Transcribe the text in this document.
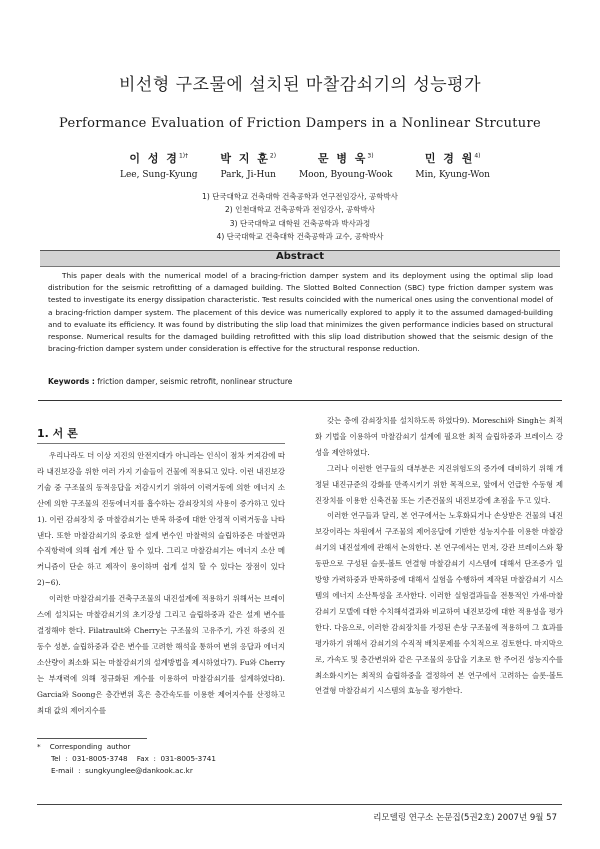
비선형 구조물에 설치된 마찰감쇠기의 성능평가
Performance Evaluation of Friction Dampers in a Nonlinear Strcuture
이 성 경$^{1)\dagger}$
Lee, Sung-Kyung
박 지 훈$^{2)}$
Park, Ji-Hun
문 병 욱$^{3)}$
Moon, Byoung-Wook
민 경 원$^{4)}$
Min, Kyung-Won
1) 단국대학교 건축대학 건축공학과 연구전임강사, 공학박사
2) 인천대학교 건축공학과 전임강사, 공학박사
3) 단국대학교 대학원 건축공학과 박사과정
4) 단국대학교 건축대학 건축공학과 교수, 공학박사
Abstract
This paper deals with the numerical model of a bracing-friction damper system and its deployment using the optimal slip load distribution for the seismic retrofitting of a damaged building. The Slotted Bolted Connection (SBC) type friction damper system was tested to investigate its energy dissipation characteristic. Test results coincided with the numerical ones using the conventional model of a bracing-friction damper system. The placement of this device was numerically explored to apply it to the assumed damaged-building and to evaluate its efficiency. It was found by distributing the slip load that minimizes the given performance indicies based on structural response. Numerical results for the damaged building retrofitted with this slip load distribution showed that the seismic design of the bracing-friction damper system under consideration is effective for the structural response reduction.
Keywords : friction damper, seismic retrofit, nonlinear structure
1. 서 론

우리나라도 더 이상 지진의 안전지대가 아니라는 인식이 점차 커져감에 따라 내진보강을 위한 여러 가지 기술들이 건물에 적용되고 있다. 이런 내진보강 기술 중 구조물의 동적응답을 저감시키기 위하여 이력거동에 의한 에너지 소산에 의한 구조물의 진동에너지를 흡수하는 감쇠장치의 사용이 증가하고 있다1). 이런 감쇠장치 중 마찰감쇠기는 반복 하중에 대한 안정적 이력거동을 나타낸다. 또한 마찰감쇠기의 중요한 설계 변수인 마찰력의 슬립하중은 마찰면과 수직항력에 의해 쉽게 계산 할 수 있다. 그리고 마찰감쇠기는 에너지 소산 메커니즘이 단순 하고 제작이 용이하며 쉽게 설치 할 수 있다는 장점이 있다2)~6).

이러한 마찰감쇠기를 건축구조물의 내진설계에 적용하기 위해서는 브레이스에 설치되는 마찰감쇠기의 초기강성 그리고 슬립하중과 같은 설계 변수를 결정해야 한다. Filatrault와 Cherry는 구조물의 고유주기, 가진 하중의 진동수 성분, 슬립하중과 같은 변수를 고려한 해석을 통하여 변위 응답과 에너지소산량이 최소화 되는 마찰감쇠기의 설계방법을 제시하였다7). Fu와 Cherry는 부재력에 의해 정규화된 계수를 이용하여 마찰감쇠기를 설계하였다8). Garcia와 Soong은 층간변위 혹은 층간속도를 이용한 제어지수를 산정하고 최대 값의 제어지수를

갖는 층에 감쇠장치를 설치하도록 하였다9). Moreschi와 Singh는 최적화 기법을 이용하여 마찰감쇠기 설계에 필요한 최적 슬립하중과 브레이스 강성을 제안하였다.

그러나 이런한 연구들의 대부분은 지진위험도의 증가에 대비하기 위해 개정된 내진규준의 강화를 만족시키기 위한 목적으로, 앞에서 언급한 수동형 제진장치를 이용한 신축건물 또는 기존건물의 내진보강에 초점을 두고 있다.

이러한 연구들과 달리, 본 연구에서는 노후화되거나 손상받은 건물의 내진보강이라는 차원에서 구조물의 제어응답에 기반한 성능지수를 이용한 마찰감쇠기의 내진설계에 관해서 논의한다. 본 연구에서는 먼저, 강관 브레이스와 황동판으로 구성된 슬롯-볼트 연결형 마찰감쇠기 시스템에 대해서 단조증가 일방향 가력하중과 반복하중에 대해서 실험을 수행하여 제작된 마찰감쇠기 시스템의 에너지 소산특성을 조사한다. 이러한 실험결과들을 전통적인 가새-마찰감쇠기 모델에 대한 수치해석결과와 비교하여 내진보강에 대한 적용성을 평가한다. 다음으로, 이러한 감쇠장치를 가정된 손상 구조물에 적용하여 그 효과를 평가하기 위해서 감쇠기의 수직적 배치문제를 수치적으로 검토한다. 마지막으로, 가속도 및 층간변위와 같은 구조물의 응답을 기초로 한 주어진 성능지수를 최소화시키는 최적의 슬립하중을 결정하여 본 연구에서 고려하는 슬롯-볼트 연결형 마찰감쇠기 시스템의 효능을 평가한다.

*    Corresponding  author
Tel  :  031-8005-3748    Fax  :  031-8005-3741
E-mail  :  sungkyunglee@dankook.ac.kr
리모델링 연구소 논문집(5권2호) 2007년 9월 57
